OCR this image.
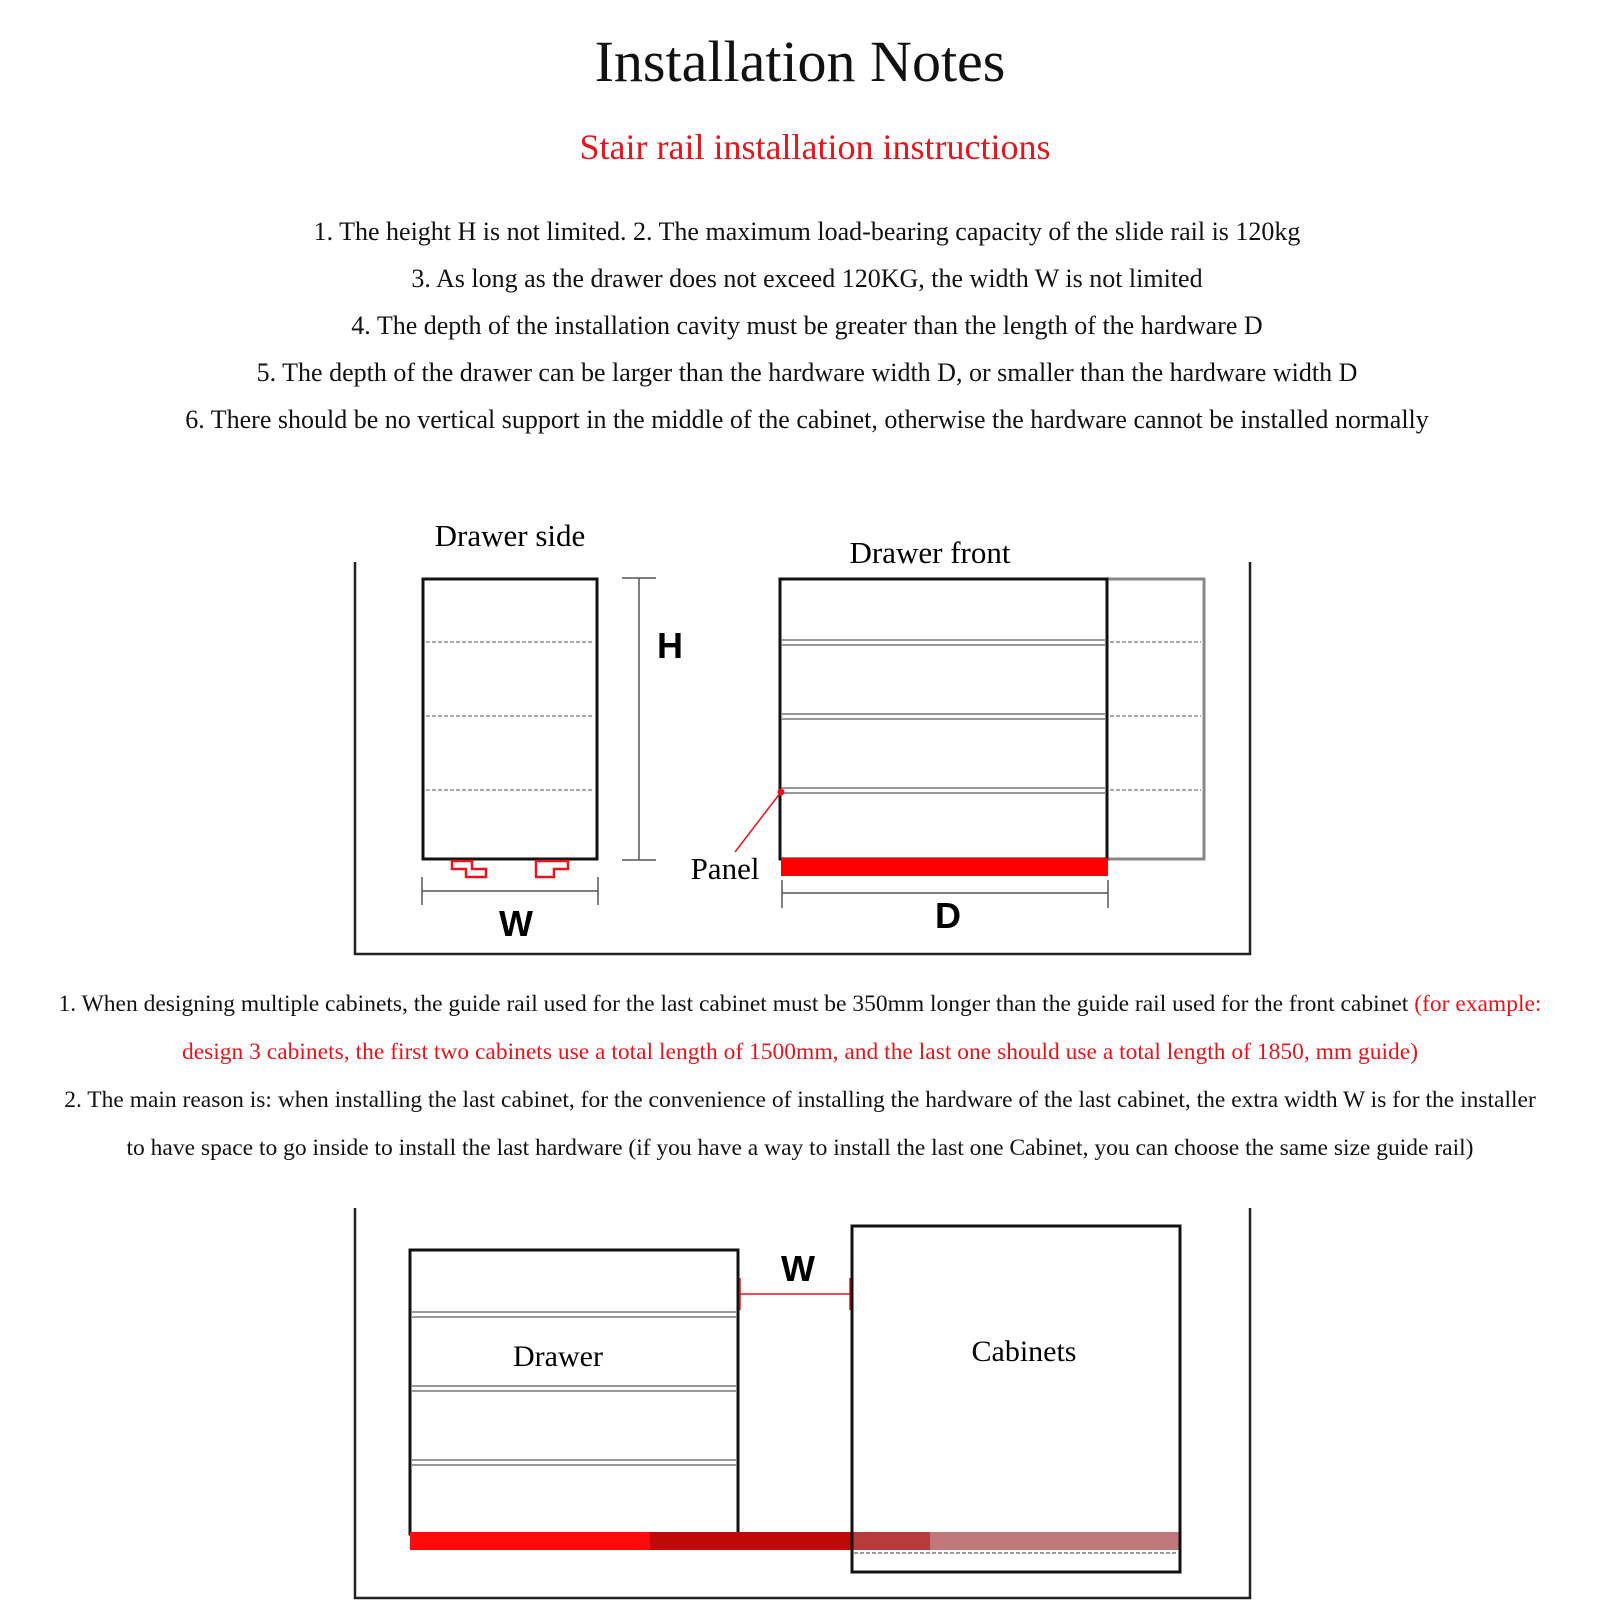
Installation Notes
Stair rail installation instructions
1. The height H is not limited. 2. The maximum load-bearing capacity of the slide rail is 120kg
3. As long as the drawer does not exceed 120KG, the width W is not limited
4. The depth of the installation cavity must be greater than the length of the hardware D
5. The depth of the drawer can be larger than the hardware width D, or smaller than the hardware width D
6. There should be no vertical support in the middle of the cabinet, otherwise the hardware cannot be installed normally
Drawer side	Drawer front
W
H
Panel
D
Drawer
W
Cabinets
1. When designing multiple cabinets, the guide rail used for the last cabinet must be 350mm longer than the guide rail used for the front cabinet (for example:
design 3 cabinets, the first two cabinets use a total length of 1500mm, and the last one should use a total length of 1850, mm guide)
2. The main reason is: when installing the last cabinet, for the convenience of installing the hardware of the last cabinet, the extra width W is for the installer
to have space to go inside to install the last hardware (if you have a way to install the last one Cabinet, you can choose the same size guide rail)
